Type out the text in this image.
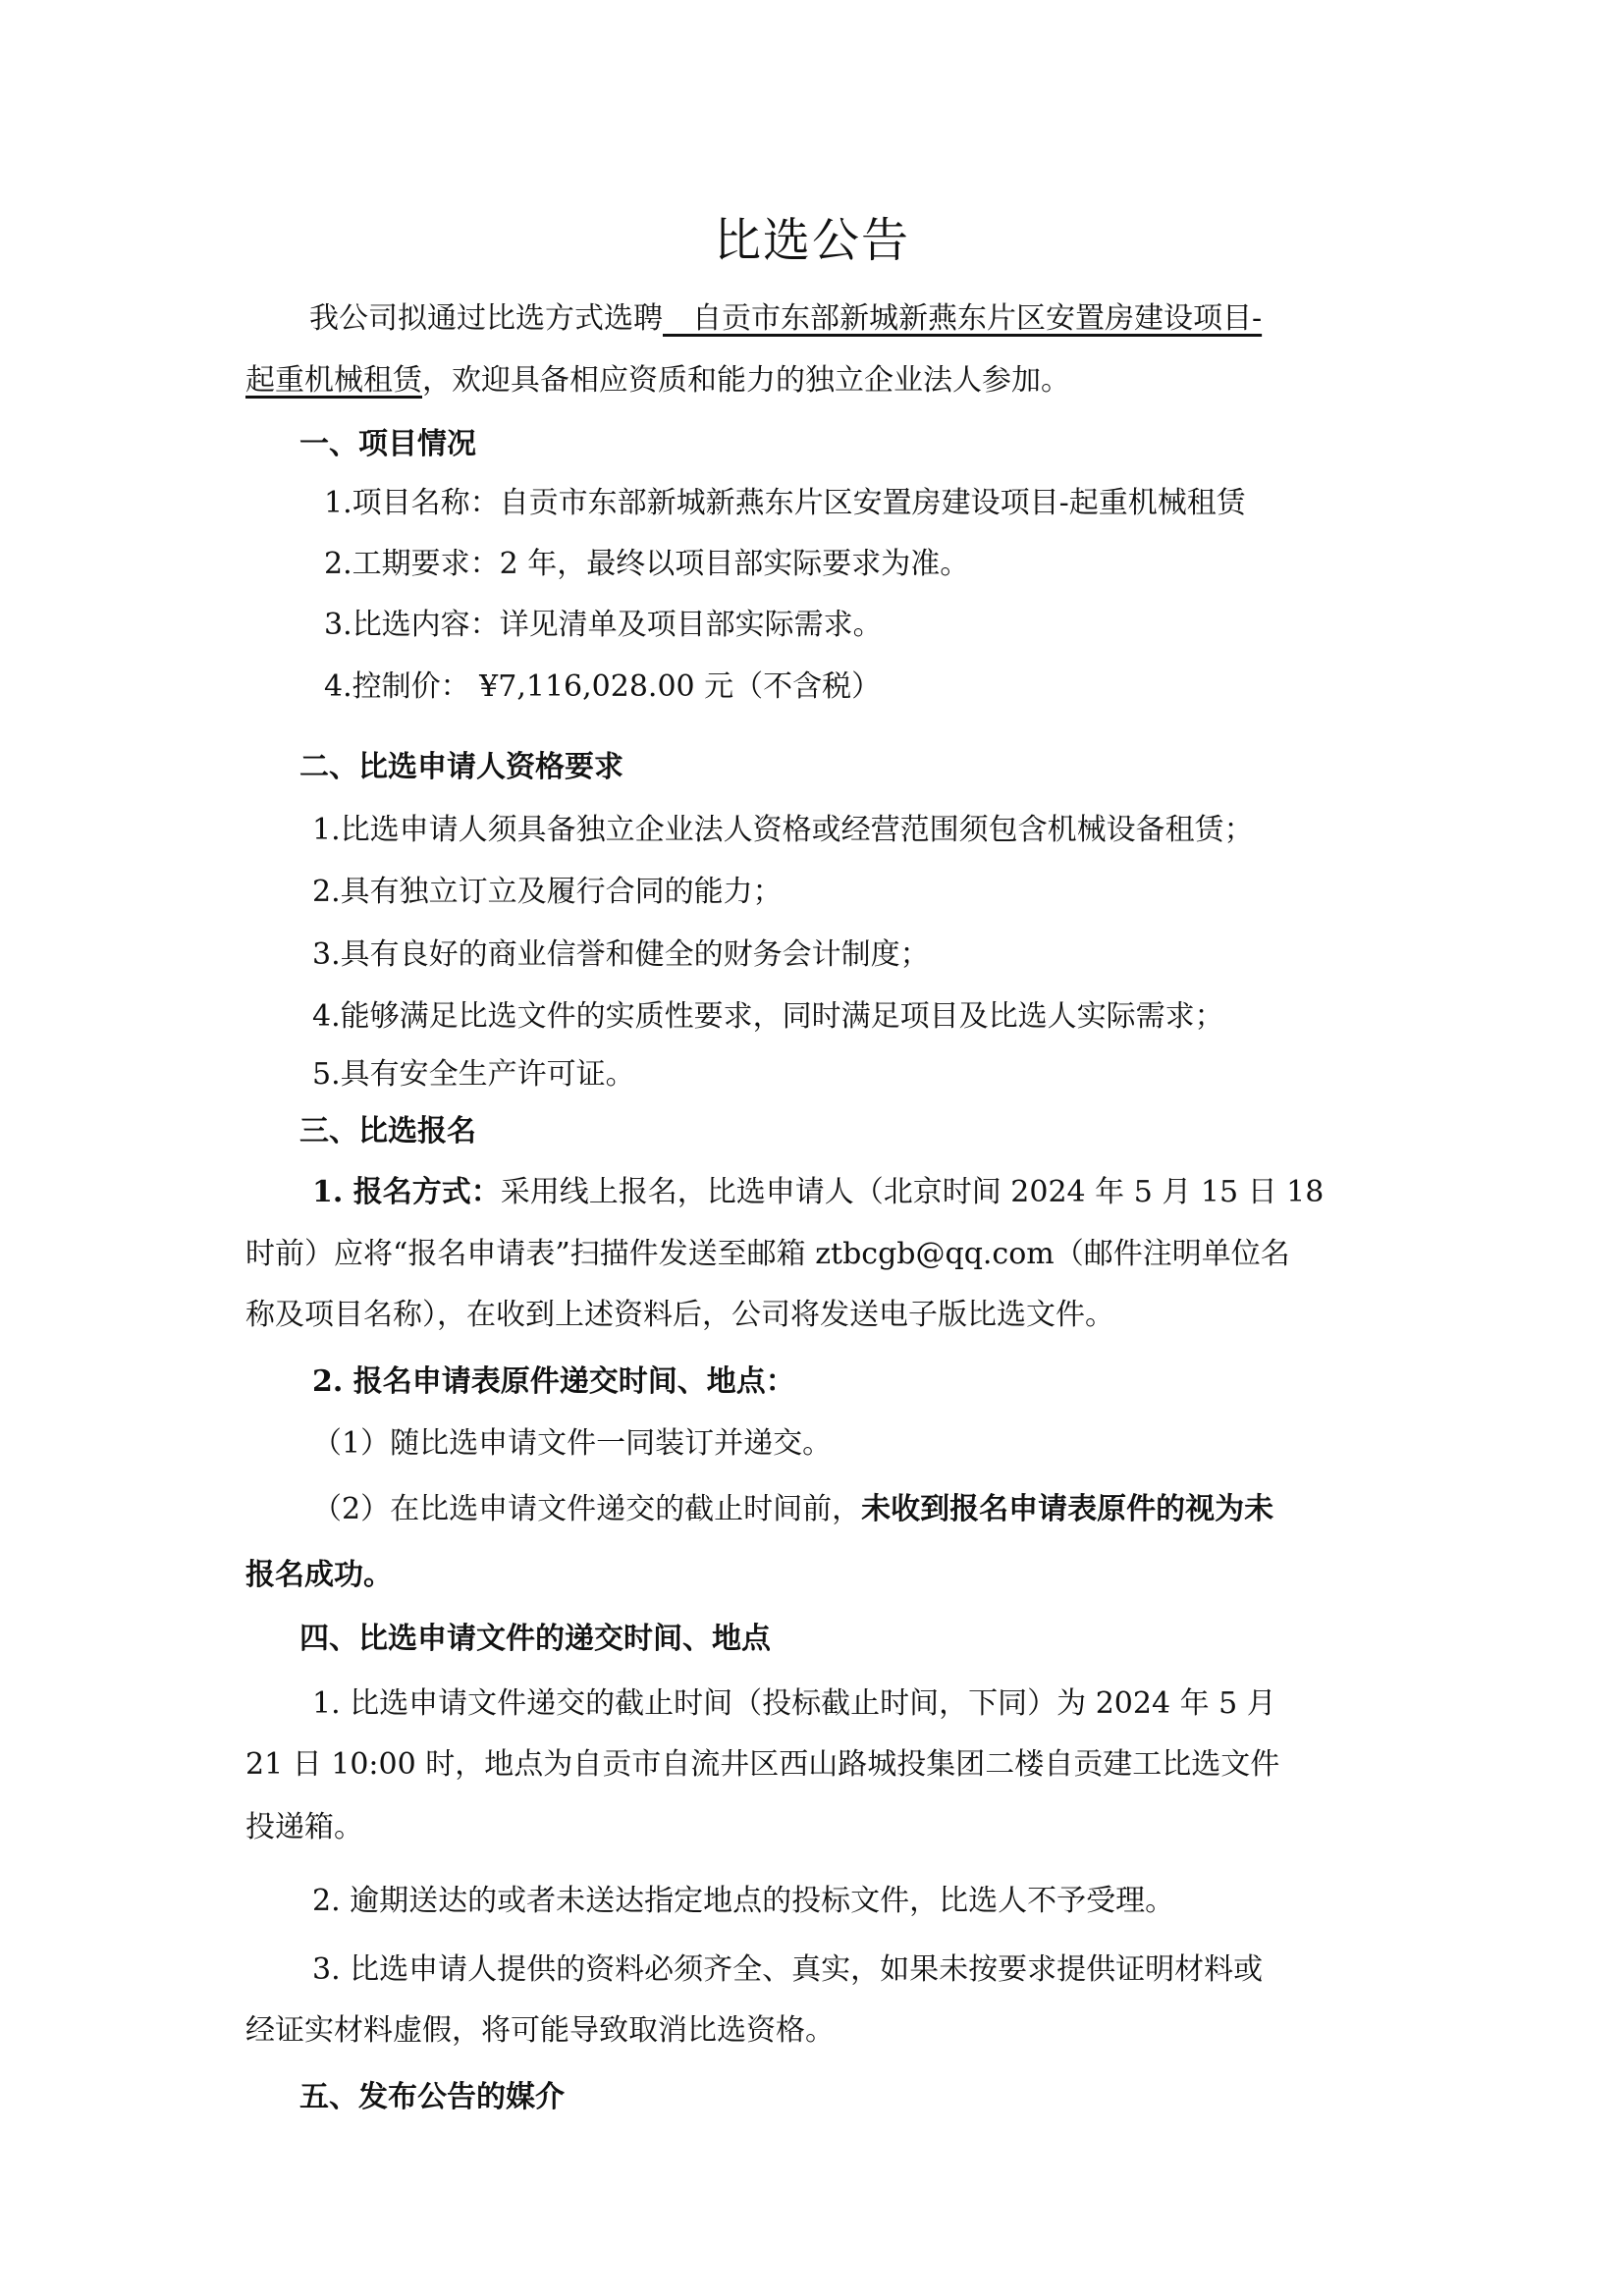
比选公告
我公司拟通过比选方式选聘　自贡市东部新城新燕东片区安置房建设项目-
起重机械租赁，欢迎具备相应资质和能力的独立企业法人参加。
一、项目情况
1.项目名称：自贡市东部新城新燕东片区安置房建设项目-起重机械租赁
2.工期要求：2 年，最终以项目部实际要求为准。
3.比选内容：详见清单及项目部实际需求。
4.控制价： ¥7,116,028.00 元（不含税）
二、比选申请人资格要求
1.比选申请人须具备独立企业法人资格或经营范围须包含机械设备租赁；
2.具有独立订立及履行合同的能力；
3.具有良好的商业信誉和健全的财务会计制度；
4.能够满足比选文件的实质性要求，同时满足项目及比选人实际需求；
5.具有安全生产许可证。
三、比选报名
1. 报名方式：采用线上报名，比选申请人（北京时间 2024 年 5 月 15 日 18
时前）应将“报名申请表”扫描件发送至邮箱 ztbcgb@qq.com（邮件注明单位名
称及项目名称），在收到上述资料后，公司将发送电子版比选文件。
2. 报名申请表原件递交时间、地点：
（1）随比选申请文件一同装订并递交。
（2）在比选申请文件递交的截止时间前，未收到报名申请表原件的视为未
报名成功。
四、比选申请文件的递交时间、地点
1. 比选申请文件递交的截止时间（投标截止时间，下同）为 2024 年 5 月
21 日 10:00 时，地点为自贡市自流井区西山路城投集团二楼自贡建工比选文件
投递箱。
2. 逾期送达的或者未送达指定地点的投标文件，比选人不予受理。
3. 比选申请人提供的资料必须齐全、真实，如果未按要求提供证明材料或
经证实材料虚假，将可能导致取消比选资格。
五、发布公告的媒介
